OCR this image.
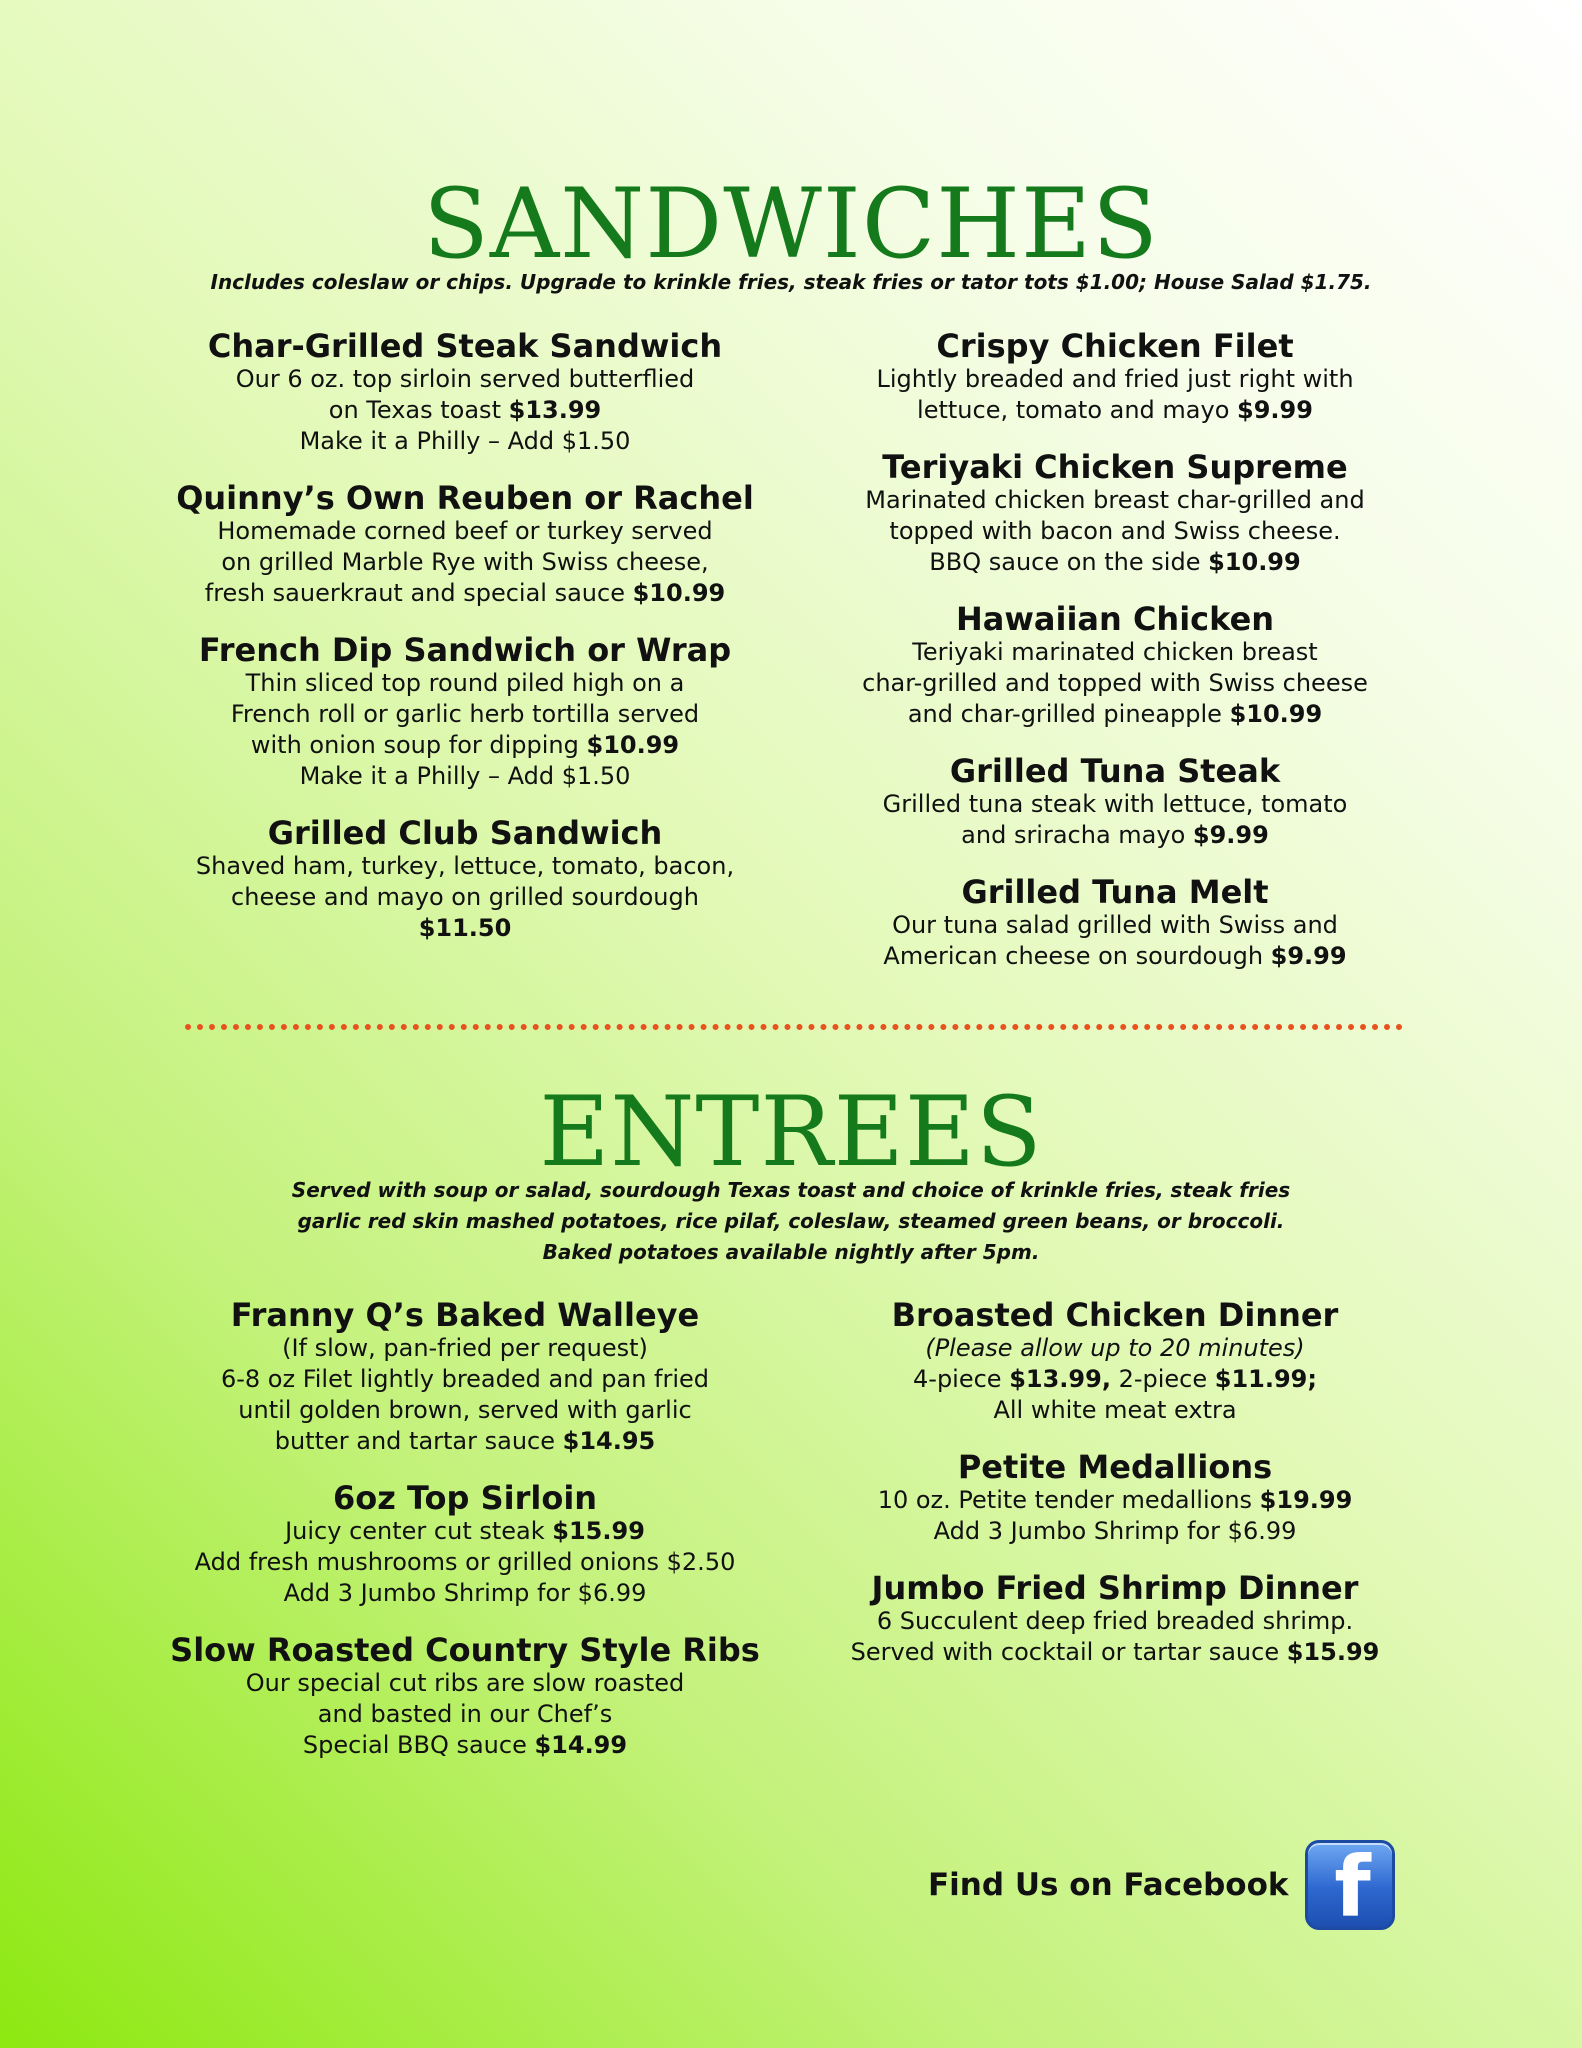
SANDWICHES
Includes coleslaw or chips. Upgrade to krinkle fries, steak fries or tator tots $1.00; House Salad $1.75.
Char-Grilled Steak Sandwich
Our 6 oz. top sirloin served butterflied
on Texas toast $13.99
Make it a Philly – Add $1.50
Quinny’s Own Reuben or Rachel
Homemade corned beef or turkey served
on grilled Marble Rye with Swiss cheese,
fresh sauerkraut and special sauce $10.99
French Dip Sandwich or Wrap
Thin sliced top round piled high on a
French roll or garlic herb tortilla served
with onion soup for dipping $10.99
Make it a Philly – Add $1.50
Grilled Club Sandwich
Shaved ham, turkey, lettuce, tomato, bacon,
cheese and mayo on grilled sourdough
$11.50
Crispy Chicken Filet
Lightly breaded and fried just right with
lettuce, tomato and mayo $9.99
Teriyaki Chicken Supreme
Marinated chicken breast char-grilled and
topped with bacon and Swiss cheese.
BBQ sauce on the side $10.99
Hawaiian Chicken
Teriyaki marinated chicken breast
char-grilled and topped with Swiss cheese
and char-grilled pineapple $10.99
Grilled Tuna Steak
Grilled tuna steak with lettuce, tomato
and sriracha mayo $9.99
Grilled Tuna Melt
Our tuna salad grilled with Swiss and
American cheese on sourdough $9.99
ENTREES
Served with soup or salad, sourdough Texas toast and choice of krinkle fries, steak fries
garlic red skin mashed potatoes, rice pilaf, coleslaw, steamed green beans, or broccoli.
Baked potatoes available nightly after 5pm.
Franny Q’s Baked Walleye
(If slow, pan-fried per request)
6-8 oz Filet lightly breaded and pan fried
until golden brown, served with garlic
butter and tartar sauce $14.95
6oz Top Sirloin
Juicy center cut steak $15.99
Add fresh mushrooms or grilled onions $2.50
Add 3 Jumbo Shrimp for $6.99
Slow Roasted Country Style Ribs
Our special cut ribs are slow roasted
and basted in our Chef’s
Special BBQ sauce $14.99
Broasted Chicken Dinner
(Please allow up to 20 minutes)
4-piece $13.99, 2-piece $11.99;
All white meat extra
Petite Medallions
10 oz. Petite tender medallions $19.99
Add 3 Jumbo Shrimp for $6.99
Jumbo Fried Shrimp Dinner
6 Succulent deep fried breaded shrimp.
Served with cocktail or tartar sauce $15.99
Find Us on Facebook f
